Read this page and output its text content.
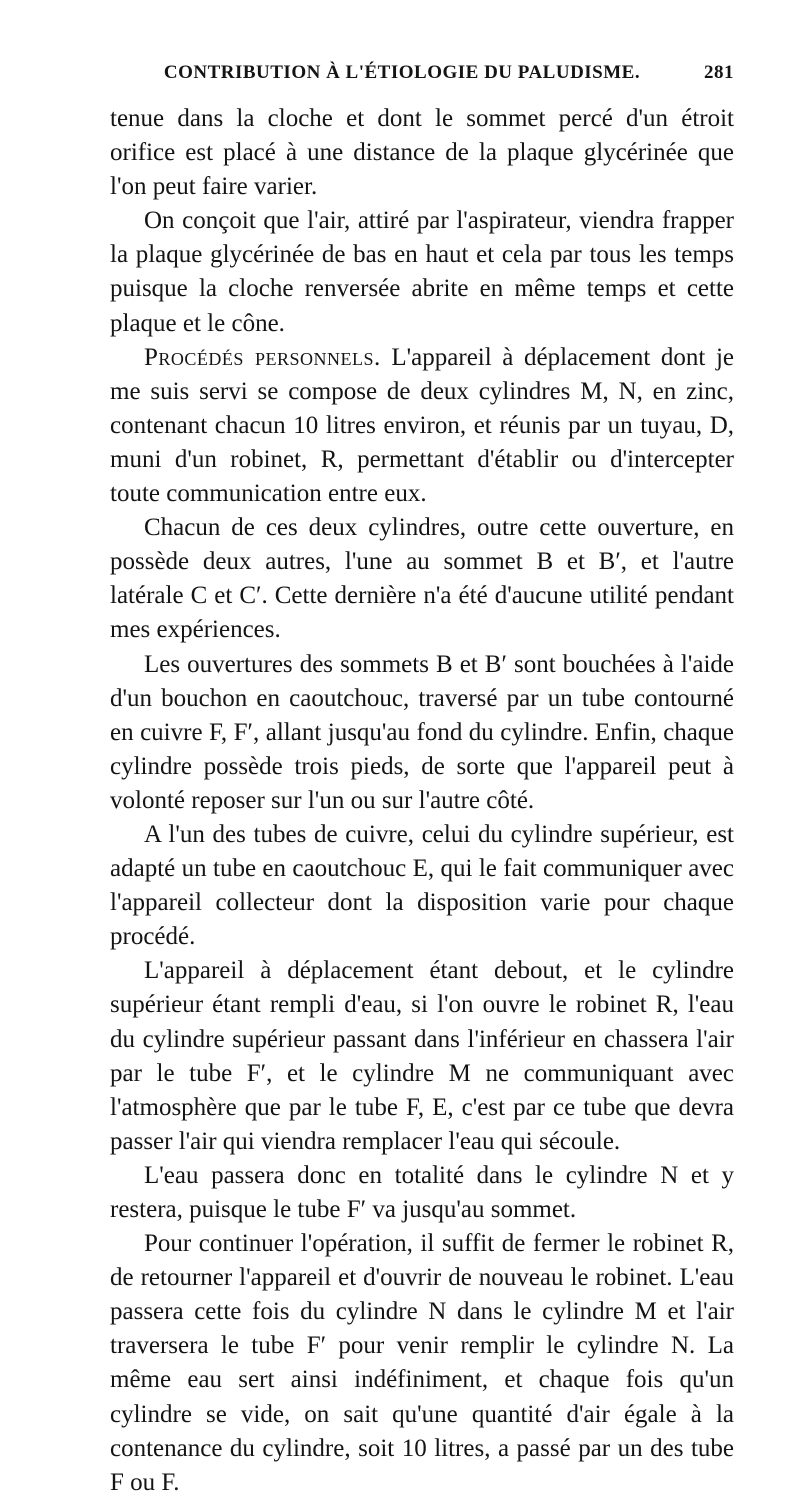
CONTRIBUTION À L'ÉTIOLOGIE DU PALUDISME.	281

tenue dans la cloche et dont le sommet percé d'un étroit orifice est placé à une distance de la plaque glycérinée que l'on peut faire varier.

On conçoit que l'air, attiré par l'aspirateur, viendra frapper la plaque glycérinée de bas en haut et cela par tous les temps puisque la cloche renversée abrite en même temps et cette plaque et le cône.

Procédés personnels. L'appareil à déplacement dont je me suis servi se compose de deux cylindres M, N, en zinc, contenant chacun 10 litres environ, et réunis par un tuyau, D, muni d'un robinet, R, permettant d'établir ou d'intercepter toute communication entre eux.

Chacun de ces deux cylindres, outre cette ouverture, en possède deux autres, l'une au sommet B et B′, et l'autre latérale C et C′. Cette dernière n'a été d'aucune utilité pendant mes expériences.

Les ouvertures des sommets B et B′ sont bouchées à l'aide d'un bouchon en caoutchouc, traversé par un tube contourné en cuivre F, F′, allant jusqu'au fond du cylindre. Enfin, chaque cylindre possède trois pieds, de sorte que l'appareil peut à volonté reposer sur l'un ou sur l'autre côté.

A l'un des tubes de cuivre, celui du cylindre supérieur, est adapté un tube en caoutchouc E, qui le fait communiquer avec l'appareil collecteur dont la disposition varie pour chaque procédé.

L'appareil à déplacement étant debout, et le cylindre supérieur étant rempli d'eau, si l'on ouvre le robinet R, l'eau du cylindre supérieur passant dans l'inférieur en chassera l'air par le tube F′, et le cylindre M ne communiquant avec l'atmosphère que par le tube F, E, c'est par ce tube que devra passer l'air qui viendra remplacer l'eau qui sécoule.

L'eau passera donc en totalité dans le cylindre N et y restera, puisque le tube F′ va jusqu'au sommet.

Pour continuer l'opération, il suffit de fermer le robinet R, de retourner l'appareil et d'ouvrir de nouveau le robinet. L'eau passera cette fois du cylindre N dans le cylindre M et l'air traversera le tube F′ pour venir remplir le cylindre N. La même eau sert ainsi indéfiniment, et chaque fois qu'un cylindre se vide, on sait qu'une quantité d'air égale à la contenance du cylindre, soit 10 litres, a passé par un des tube F ou F.
